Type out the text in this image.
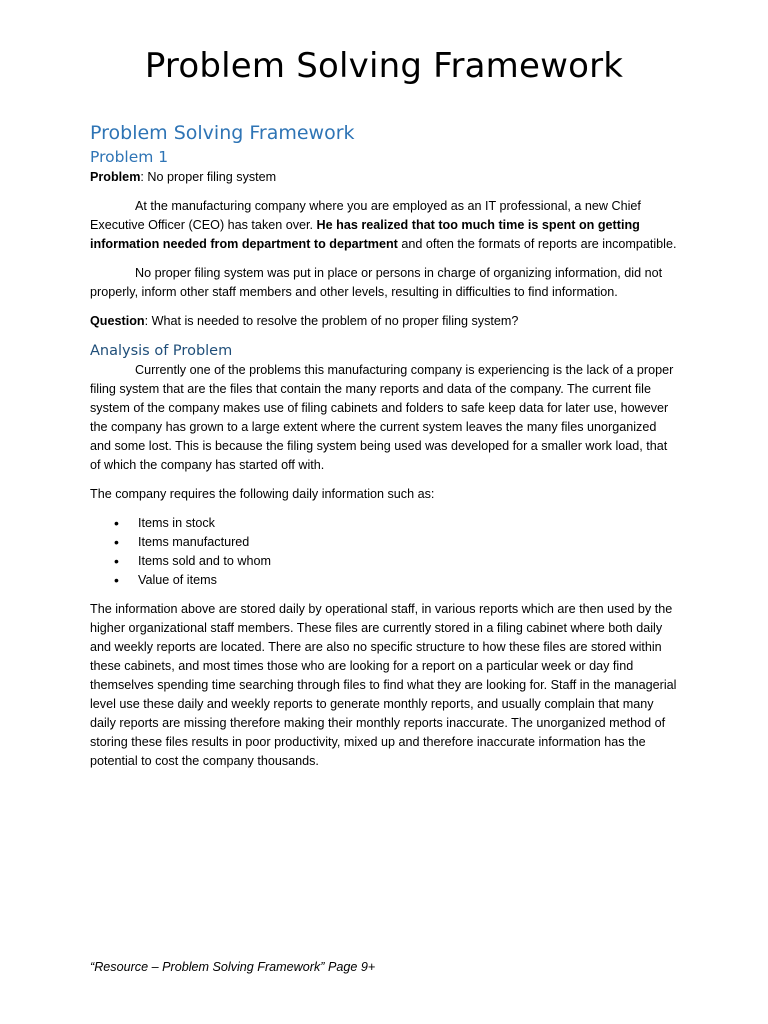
Problem Solving Framework
Problem Solving Framework
Problem 1

Problem: No proper filing system

At the manufacturing company where you are employed as an IT professional, a new Chief Executive Officer (CEO) has taken over. He has realized that too much time is spent on getting information needed from department to department and often the formats of reports are incompatible.

No proper filing system was put in place or persons in charge of organizing information, did not properly, inform other staff members and other levels, resulting in difficulties to find information.

Question: What is needed to resolve the problem of no proper filing system?

Analysis of Problem

Currently one of the problems this manufacturing company is experiencing is the lack of a proper filing system that are the files that contain the many reports and data of the company. The current file system of the company makes use of filing cabinets and folders to safe keep data for later use, however the company has grown to a large extent where the current system leaves the many files unorganized and some lost. This is because the filing system being used was developed for a smaller work load, that of which the company has started off with.

The company requires the following daily information such as:

• Items in stock
• Items manufactured
• Items sold and to whom
• Value of items

The information above are stored daily by operational staff, in various reports which are then used by the higher organizational staff members. These files are currently stored in a filing cabinet where both daily and weekly reports are located. There are also no specific structure to how these files are stored within these cabinets, and most times those who are looking for a report on a particular week or day find themselves spending time searching through files to find what they are looking for. Staff in the managerial level use these daily and weekly reports to generate monthly reports, and usually complain that many daily reports are missing therefore making their monthly reports inaccurate. The unorganized method of storing these files results in poor productivity, mixed up and therefore inaccurate information has the potential to cost the company thousands.

“Resource – Problem Solving Framework” Page 9+
